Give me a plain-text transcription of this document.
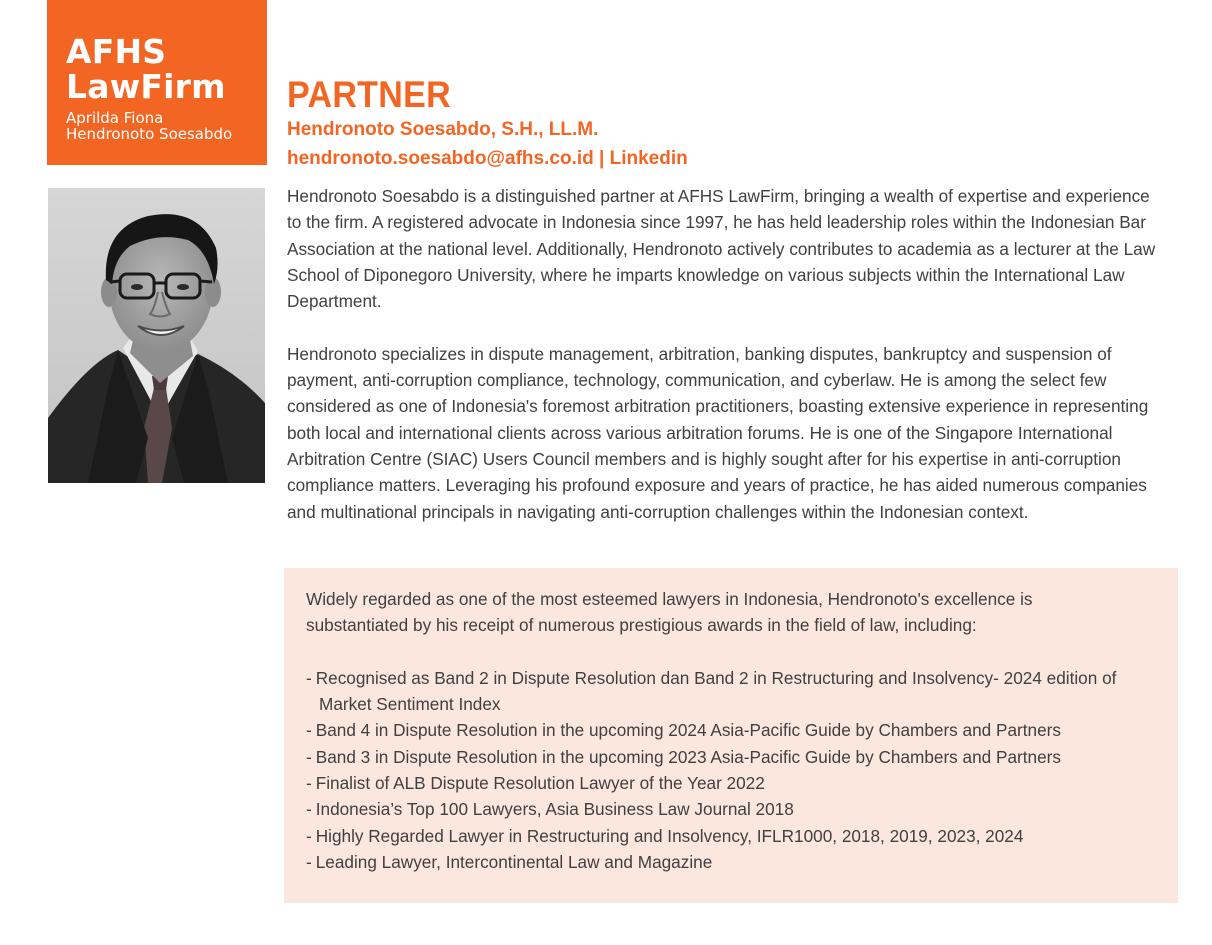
AFHS
LawFirm
Aprilda Fiona
Hendronoto Soesabdo
PARTNER
Hendronoto Soesabdo, S.H., LL.M.
hendronoto.soesabdo@afhs.co.id | Linkedin

Hendronoto Soesabdo is a distinguished partner at AFHS LawFirm, bringing a wealth of expertise and experience to the firm. A registered advocate in Indonesia since 1997, he has held leadership roles within the Indonesian Bar Association at the national level. Additionally, Hendronoto actively contributes to academia as a lecturer at the Law School of Diponegoro University, where he imparts knowledge on various subjects within the International Law Department.

Hendronoto specializes in dispute management, arbitration, banking disputes, bankruptcy and suspension of payment, anti-corruption compliance, technology, communication, and cyberlaw. He is among the select few considered as one of Indonesia's foremost arbitration practitioners, boasting extensive experience in representing both local and international clients across various arbitration forums. He is one of the Singapore International Arbitration Centre (SIAC) Users Council members and is highly sought after for his expertise in anti-corruption compliance matters. Leveraging his profound exposure and years of practice, he has aided numerous companies and multinational principals in navigating anti-corruption challenges within the Indonesian context.

Widely regarded as one of the most esteemed lawyers in Indonesia, Hendronoto's excellence is substantiated by his receipt of numerous prestigious awards in the field of law, including:

- Recognised as Band 2 in Dispute Resolution dan Band 2 in Restructuring and Insolvency- 2024 edition of Market Sentiment Index
- Band 4 in Dispute Resolution in the upcoming 2024 Asia-Pacific Guide by Chambers and Partners
- Band 3 in Dispute Resolution in the upcoming 2023 Asia-Pacific Guide by Chambers and Partners
- Finalist of ALB Dispute Resolution Lawyer of the Year 2022
- Indonesia’s Top 100 Lawyers, Asia Business Law Journal 2018
- Highly Regarded Lawyer in Restructuring and Insolvency, IFLR1000, 2018, 2019, 2023, 2024
- Leading Lawyer, Intercontinental Law and Magazine
